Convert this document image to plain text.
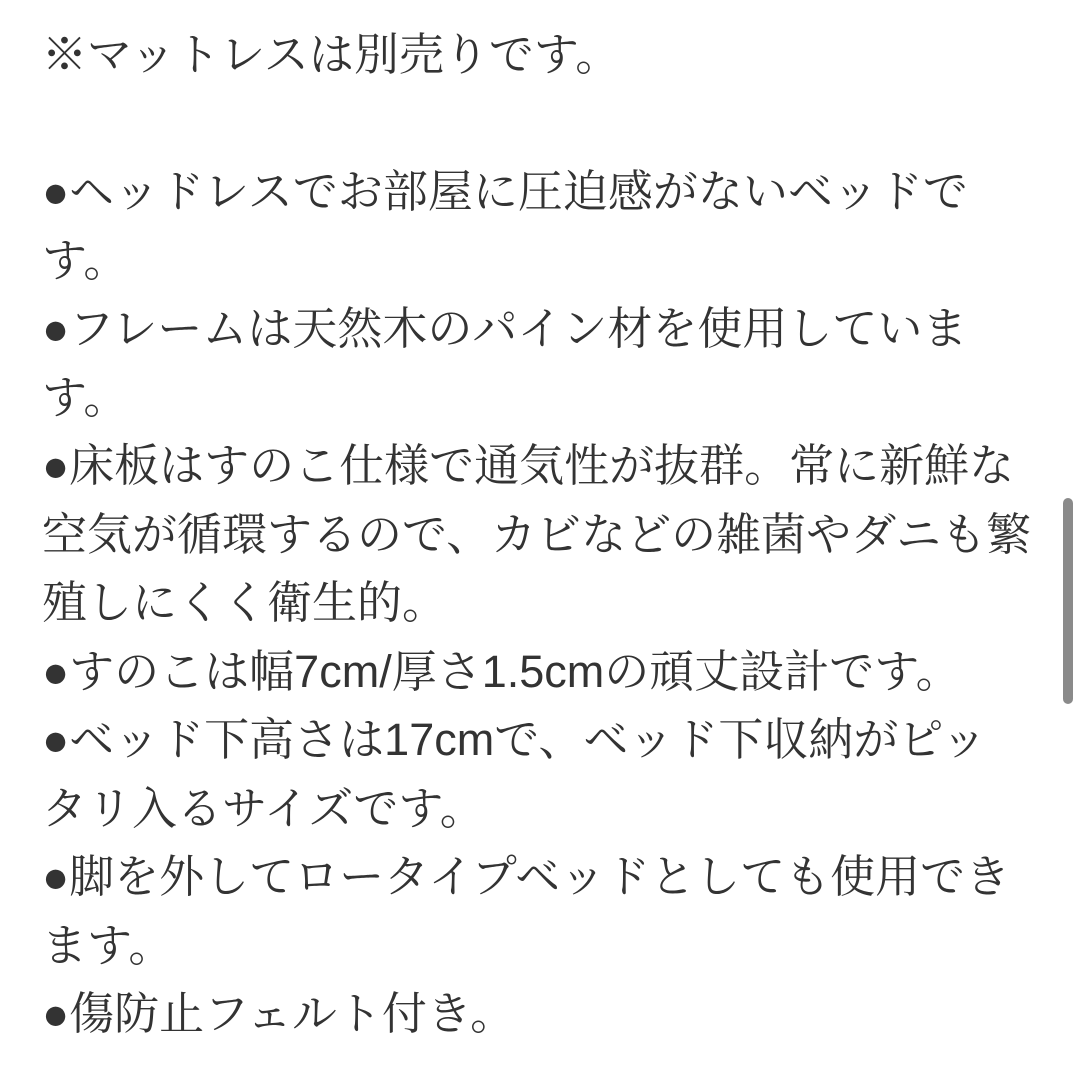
※マットレスは別売りです。
●ヘッドレスでお部屋に圧迫感がないベッドで
す。
●フレームは天然木のパイン材を使用していま
す。
●床板はすのこ仕様で通気性が抜群。常に新鮮な
空気が循環するので、カビなどの雑菌やダニも繁
殖しにくく衛生的。
●すのこは幅7cm/厚さ1.5cmの頑丈設計です。
●ベッド下高さは17cmで、ベッド下収納がピッ
タリ入るサイズです。
●脚を外してロータイプベッドとしても使用でき
ます。
●傷防止フェルト付き。
